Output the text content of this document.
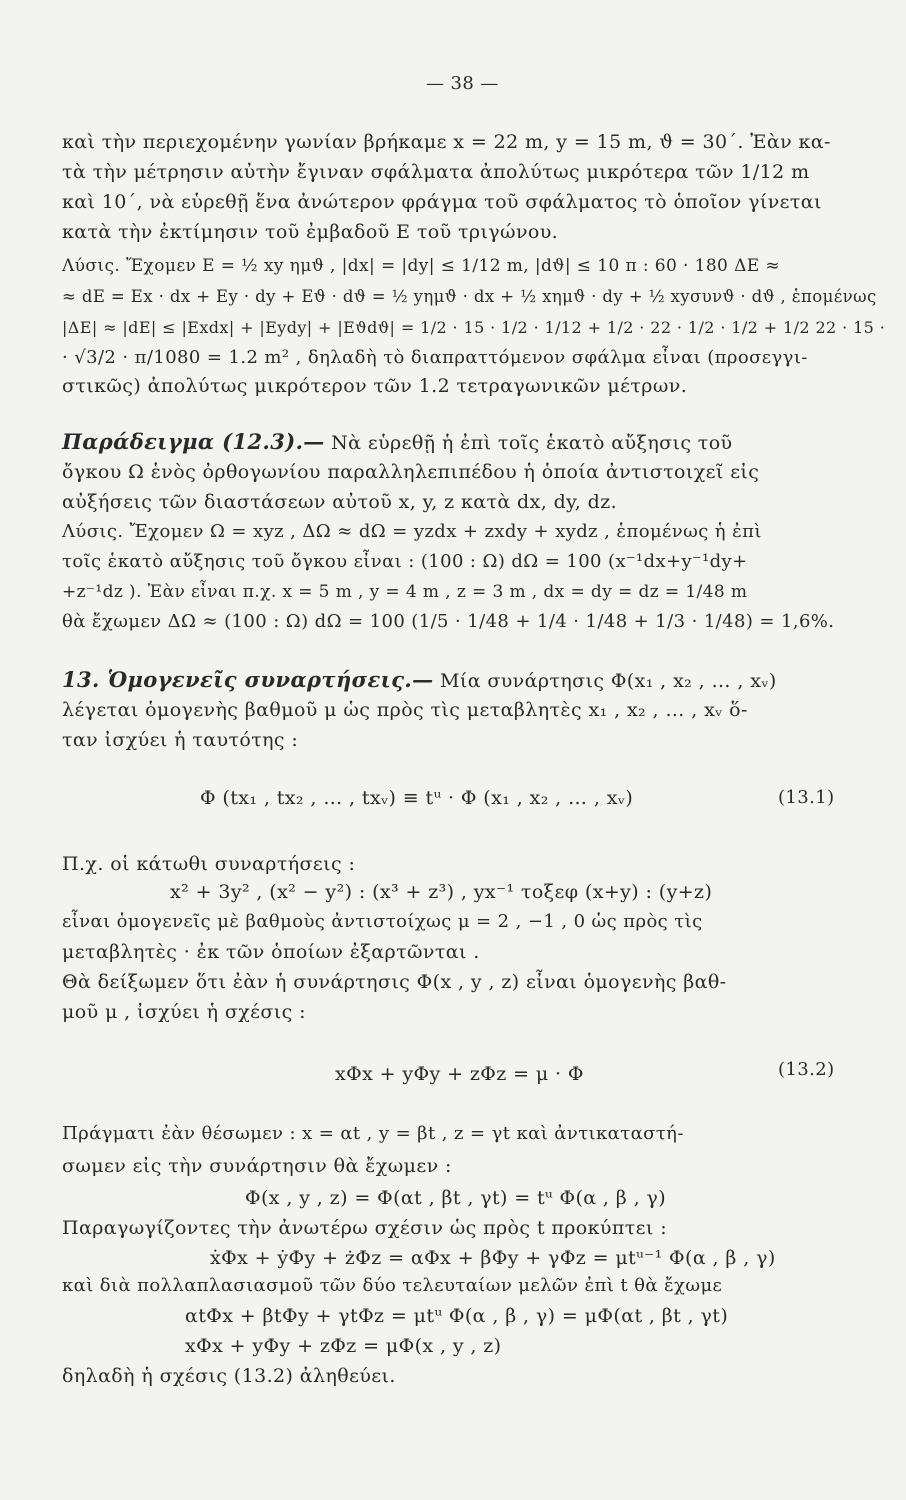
— 38 —
καὶ τὴν περιεχομένην γωνίαν βρήκαμε x = 22 m, y = 15 m, ϑ = 30΄. Ἐὰν κα-
τὰ τὴν μέτρησιν αὐτὴν ἔγιναν σφάλματα ἀπολύτως μικρότερα τῶν 1/12 m
καὶ 10΄, νὰ εὑρεθῇ ἕνα ἀνώτερον φράγμα τοῦ σφάλματος τὸ ὁποῖον γίνεται
κατὰ τὴν ἐκτίμησιν τοῦ ἐμβαδοῦ E τοῦ τριγώνου.
Λύσις. Ἔχομεν E = ½ xy ημϑ , |dx| = |dy| ≤ 1/12 m, |dϑ| ≤ 10 π : 60 · 180 ΔE ≈
≈ dE = Ex · dx + Ey · dy + Eϑ · dϑ = ½ yημϑ · dx + ½ xημϑ · dy + ½ xyσυνϑ · dϑ , ἑπομένως
|ΔE| ≈ |dE| ≤ |Exdx| + |Eydy| + |Eϑdϑ| = 1/2 · 15 · 1/2 · 1/12 + 1/2 · 22 · 1/2 · 1/2 + 1/2 22 · 15 ·
· √3/2 · π/1080 = 1.2 m² , δηλαδὴ τὸ διαπραττόμενον σφάλμα εἶναι (προσεγγι-
στικῶς) ἀπολύτως μικρότερον τῶν 1.2 τετραγωνικῶν μέτρων.
Παράδειγμα (12.3).— Νὰ εὑρεθῇ ἡ ἐπὶ τοῖς ἑκατὸ αὔξησις τοῦ
ὄγκου Ω ἑνὸς ὀρθογωνίου παραλληλεπιπέδου ἡ ὁποία ἀντιστοιχεῖ εἰς
αὐξήσεις τῶν διαστάσεων αὐτοῦ x, y, z κατὰ dx, dy, dz.
Λύσις. Ἔχομεν Ω = xyz , ΔΩ ≈ dΩ = yzdx + zxdy + xydz , ἑπομένως ἡ ἐπὶ
τοῖς ἑκατὸ αὔξησις τοῦ ὄγκου εἶναι : (100 : Ω) dΩ = 100 (x⁻¹dx+y⁻¹dy+
+z⁻¹dz ). Ἐὰν εἶναι π.χ. x = 5 m , y = 4 m , z = 3 m , dx = dy = dz = 1/48 m
θὰ ἔχωμεν ΔΩ ≈ (100 : Ω) dΩ = 100 (1/5 · 1/48 + 1/4 · 1/48 + 1/3 · 1/48) = 1,6%.
13. Ὁμογενεῖς συναρτήσεις.— Μία συνάρτησις Φ(x₁ , x₂ , … , xᵥ)
λέγεται ὁμογενὴς βαθμοῦ μ ὡς πρὸς τὶς μεταβλητὲς x₁ , x₂ , … , xᵥ ὅ-
ταν ἰσχύει ἡ ταυτότης :
Φ (tx₁ , tx₂ , … , txᵥ) ≡ tᵘ · Φ (x₁ , x₂ , … , xᵥ)	(13.1)
Π.χ. οἱ κάτωθι συναρτήσεις :
x² + 3y² , (x² − y²) : (x³ + z³) , yx⁻¹ τοξεφ (x+y) : (y+z)
εἶναι ὁμογενεῖς μὲ βαθμοὺς ἀντιστοίχως μ = 2 , −1 , 0 ὡς πρὸς τὶς
μεταβλητὲς · ἐκ τῶν ὁποίων ἐξαρτῶνται .
Θὰ δείξωμεν ὅτι ἐὰν ἡ συνάρτησις Φ(x , y , z) εἶναι ὁμογενὴς βαθ-
μοῦ μ , ἰσχύει ἡ σχέσις :
xΦx + yΦy + zΦz = μ · Φ	(13.2)
Πράγματι ἐὰν θέσωμεν : x = αt , y = βt , z = γt καὶ ἀντικαταστή-
σωμεν εἰς τὴν συνάρτησιν θὰ ἔχωμεν :
Φ(x , y , z) = Φ(αt , βt , γt) = tᵘ Φ(α , β , γ)
Παραγωγίζοντες τὴν ἀνωτέρω σχέσιν ὡς πρὸς t προκύπτει :
ẋΦx + ẏΦy + żΦz = αΦx + βΦy + γΦz = μtᵘ⁻¹ Φ(α , β , γ)
καὶ διὰ πολλαπλασιασμοῦ τῶν δύο τελευταίων μελῶν ἐπὶ t θὰ ἔχωμε
αtΦx + βtΦy + γtΦz = μtᵘ Φ(α , β , γ) = μΦ(αt , βt , γt)
xΦx + yΦy + zΦz = μΦ(x , y , z)
δηλαδὴ ἡ σχέσις (13.2) ἀληθεύει.
